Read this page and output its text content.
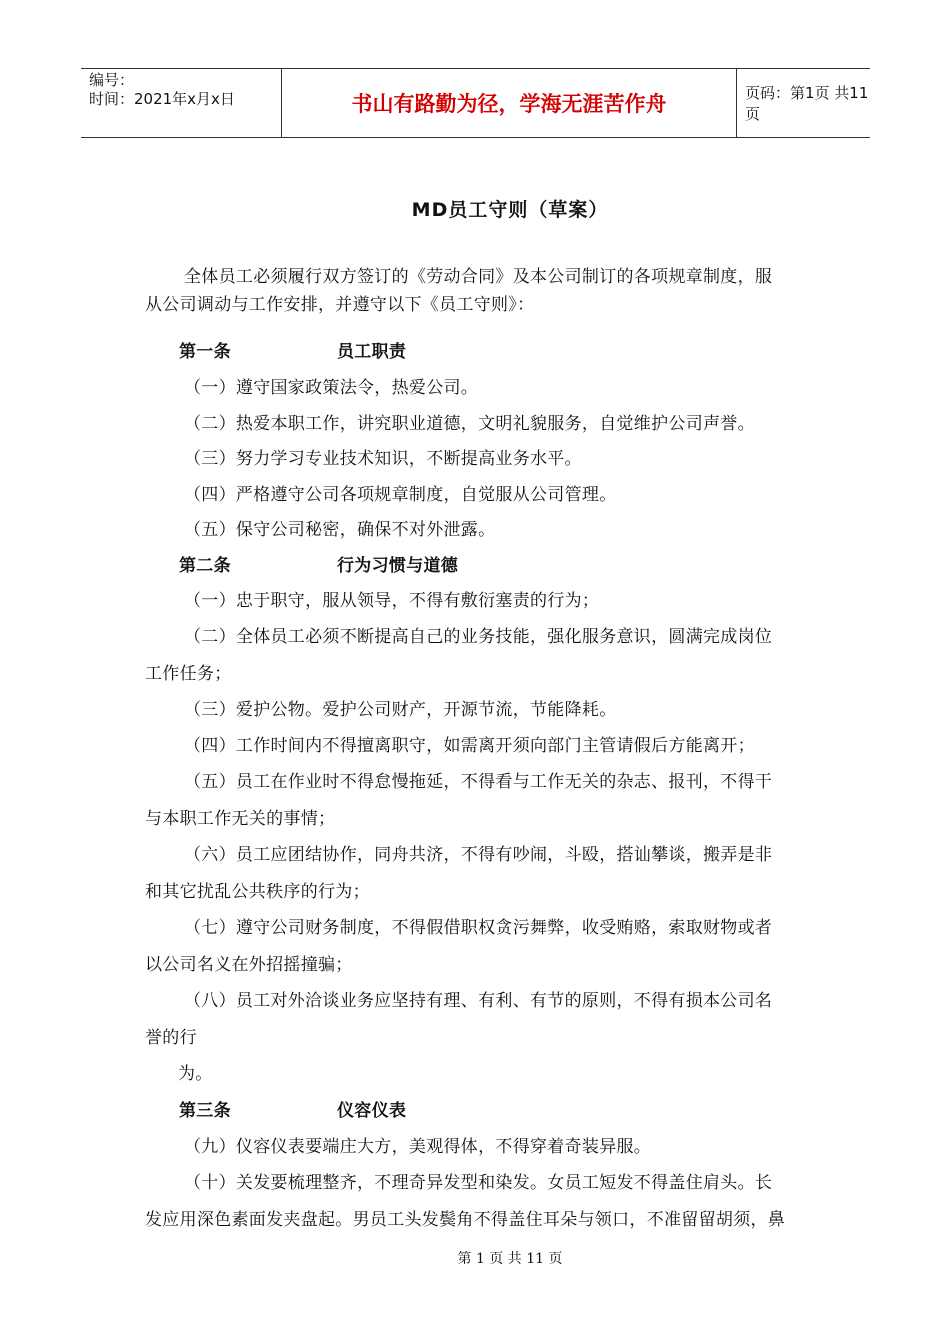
编号：
时间：2021年x月x日	书山有路勤为径，学海无涯苦作舟	页码：第1页 共11页
MD员工守则（草案）
全体员工必须履行双方签订的《劳动合同》及本公司制订的各项规章制度，服
从公司调动与工作安排，并遵守以下《员工守则》：
第一条	员工职责
（一）遵守国家政策法令，热爱公司。
（二）热爱本职工作，讲究职业道德，文明礼貌服务，自觉维护公司声誉。
（三）努力学习专业技术知识，不断提高业务水平。
（四）严格遵守公司各项规章制度，自觉服从公司管理。
（五）保守公司秘密，确保不对外泄露。
第二条	行为习惯与道德
（一）忠于职守，服从领导，不得有敷衍塞责的行为；
（二）全体员工必须不断提高自己的业务技能，强化服务意识，圆满完成岗位
工作任务；
（三）爱护公物。爱护公司财产，开源节流，节能降耗。
（四）工作时间内不得擅离职守，如需离开须向部门主管请假后方能离开；
（五）员工在作业时不得怠慢拖延，不得看与工作无关的杂志、报刊，不得干
与本职工作无关的事情；
（六）员工应团结协作，同舟共济，不得有吵闹，斗殴，搭讪攀谈，搬弄是非
和其它扰乱公共秩序的行为；
（七）遵守公司财务制度，不得假借职权贪污舞弊，收受贿赂，索取财物或者
以公司名义在外招摇撞骗；
（八）员工对外洽谈业务应坚持有理、有利、有节的原则，不得有损本公司名
誉的行
为。
第三条	仪容仪表
（九）仪容仪表要端庄大方，美观得体，不得穿着奇装异服。
（十）关发要梳理整齐，不理奇异发型和染发。女员工短发不得盖住肩头。长
发应用深色素面发夹盘起。男员工头发鬓角不得盖住耳朵与领口，不准留留胡须，鼻
第 1 页 共 11 页
